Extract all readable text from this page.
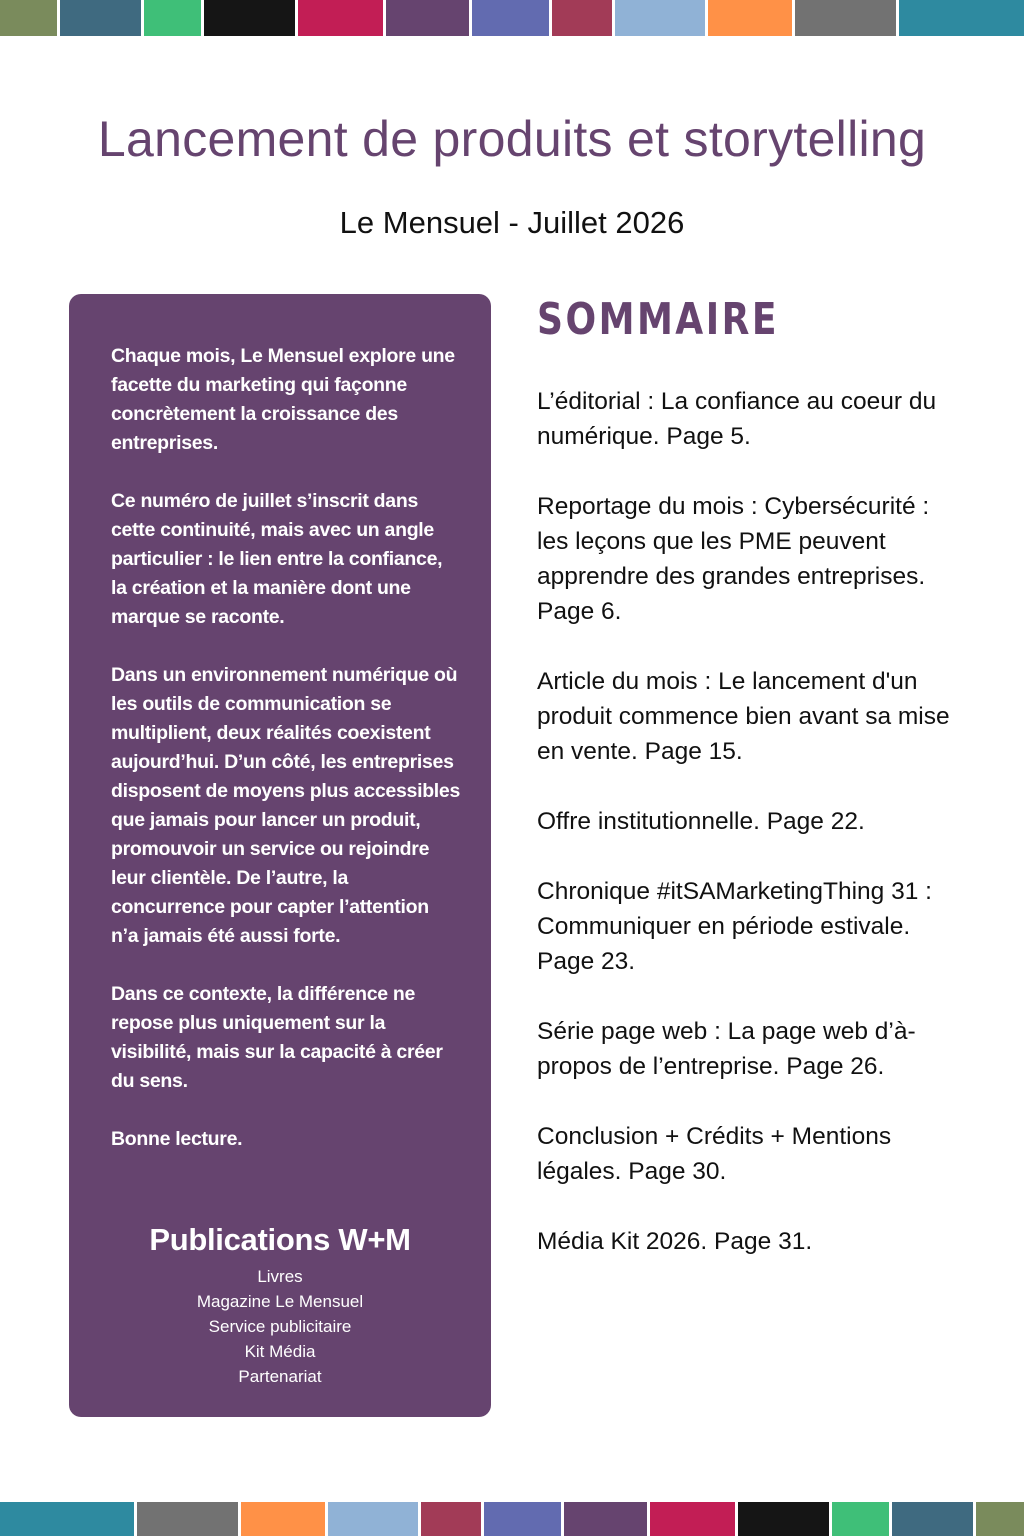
Lancement de produits et storytelling
Le Mensuel - Juillet 2026

Chaque mois, Le Mensuel explore une facette du marketing qui façonne concrètement la croissance des entreprises.

Ce numéro de juillet s’inscrit dans cette continuité, mais avec un angle particulier : le lien entre la confiance, la création et la manière dont une marque se raconte.

Dans un environnement numérique où les outils de communication se multiplient, deux réalités coexistent aujourd’hui. D’un côté, les entreprises disposent de moyens plus accessibles que jamais pour lancer un produit, promouvoir un service ou rejoindre leur clientèle. De l’autre, la concurrence pour capter l’attention n’a jamais été aussi forte.

Dans ce contexte, la différence ne repose plus uniquement sur la visibilité, mais sur la capacité à créer du sens.

Bonne lecture.

Publications W+M

Livres

Magazine Le Mensuel

Service publicitaire

Kit Média

Partenariat

SOMMAIRE
L’éditorial : La confiance au coeur du numérique. Page 5.
Reportage du mois : Cybersécurité : les leçons que les PME peuvent apprendre des grandes entreprises. Page 6.
Article du mois : Le lancement d'un produit commence bien avant sa mise en vente. Page 15.
Offre institutionnelle. Page 22.
Chronique #itSAMarketingThing 31 : Communiquer en période estivale. Page 23.
Série page web : La page web d’à-propos de l’entreprise. Page 26.
Conclusion + Crédits + Mentions légales. Page 30.
Média Kit 2026. Page 31.
